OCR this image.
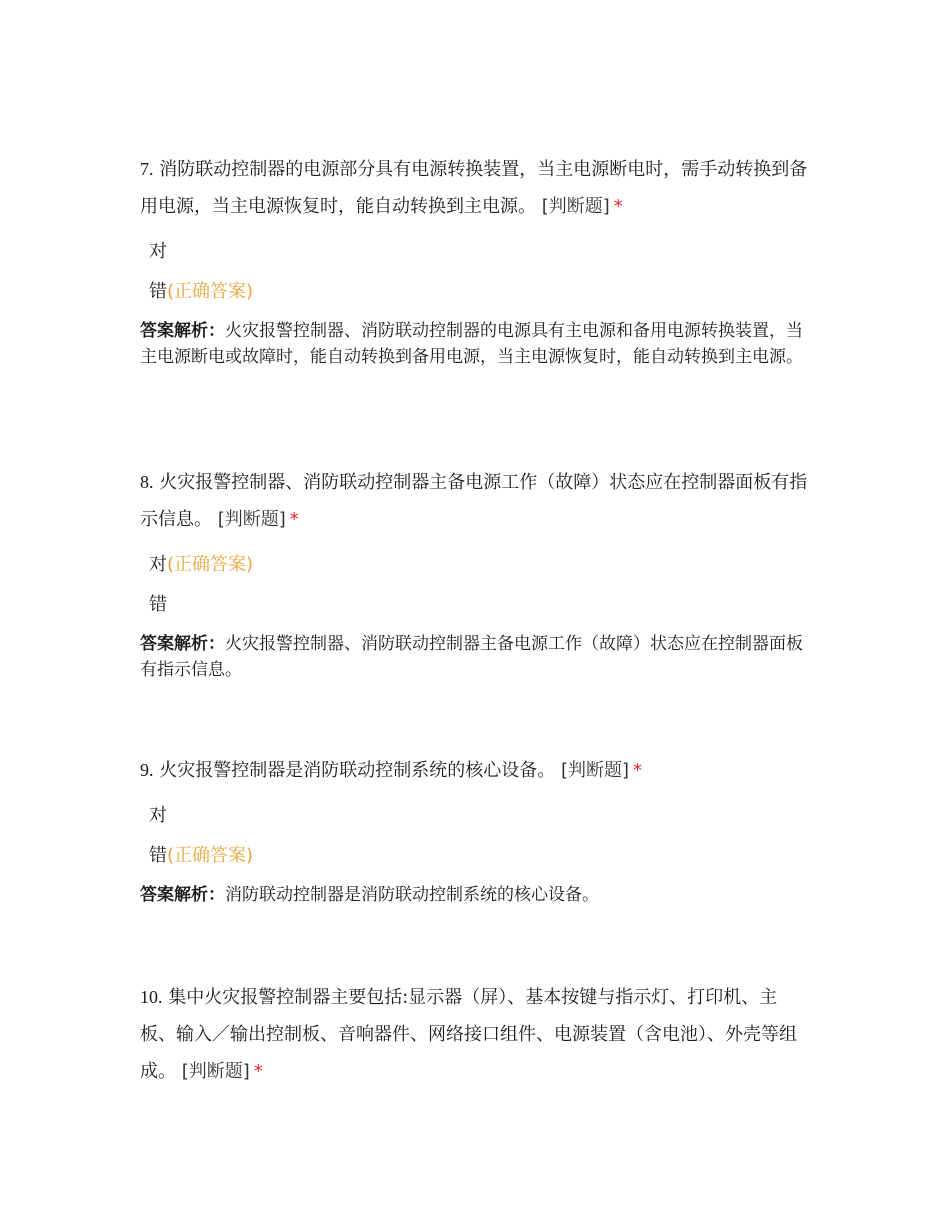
7. 消防联动控制器的电源部分具有电源转换装置，当主电源断电时，需手动转换到备用电源，当主电源恢复时，能自动转换到主电源。 [判断题] *

对
错(正确答案)
答案解析：火灾报警控制器、消防联动控制器的电源具有主电源和备用电源转换装置，当主电源断电或故障时，能自动转换到备用电源，当主电源恢复时，能自动转换到主电源。

8. 火灾报警控制器、消防联动控制器主备电源工作（故障）状态应在控制器面板有指示信息。 [判断题] *

对(正确答案)
错
答案解析：火灾报警控制器、消防联动控制器主备电源工作（故障）状态应在控制器面板有指示信息。

9. 火灾报警控制器是消防联动控制系统的核心设备。 [判断题] *

对
错(正确答案)
答案解析：消防联动控制器是消防联动控制系统的核心设备。

10. 集中火灾报警控制器主要包括:显示器（屏）、基本按键与指示灯、打印机、主板、输入／输出控制板、音响器件、网络接口组件、电源装置（含电池）、外壳等组成。 [判断题] *
